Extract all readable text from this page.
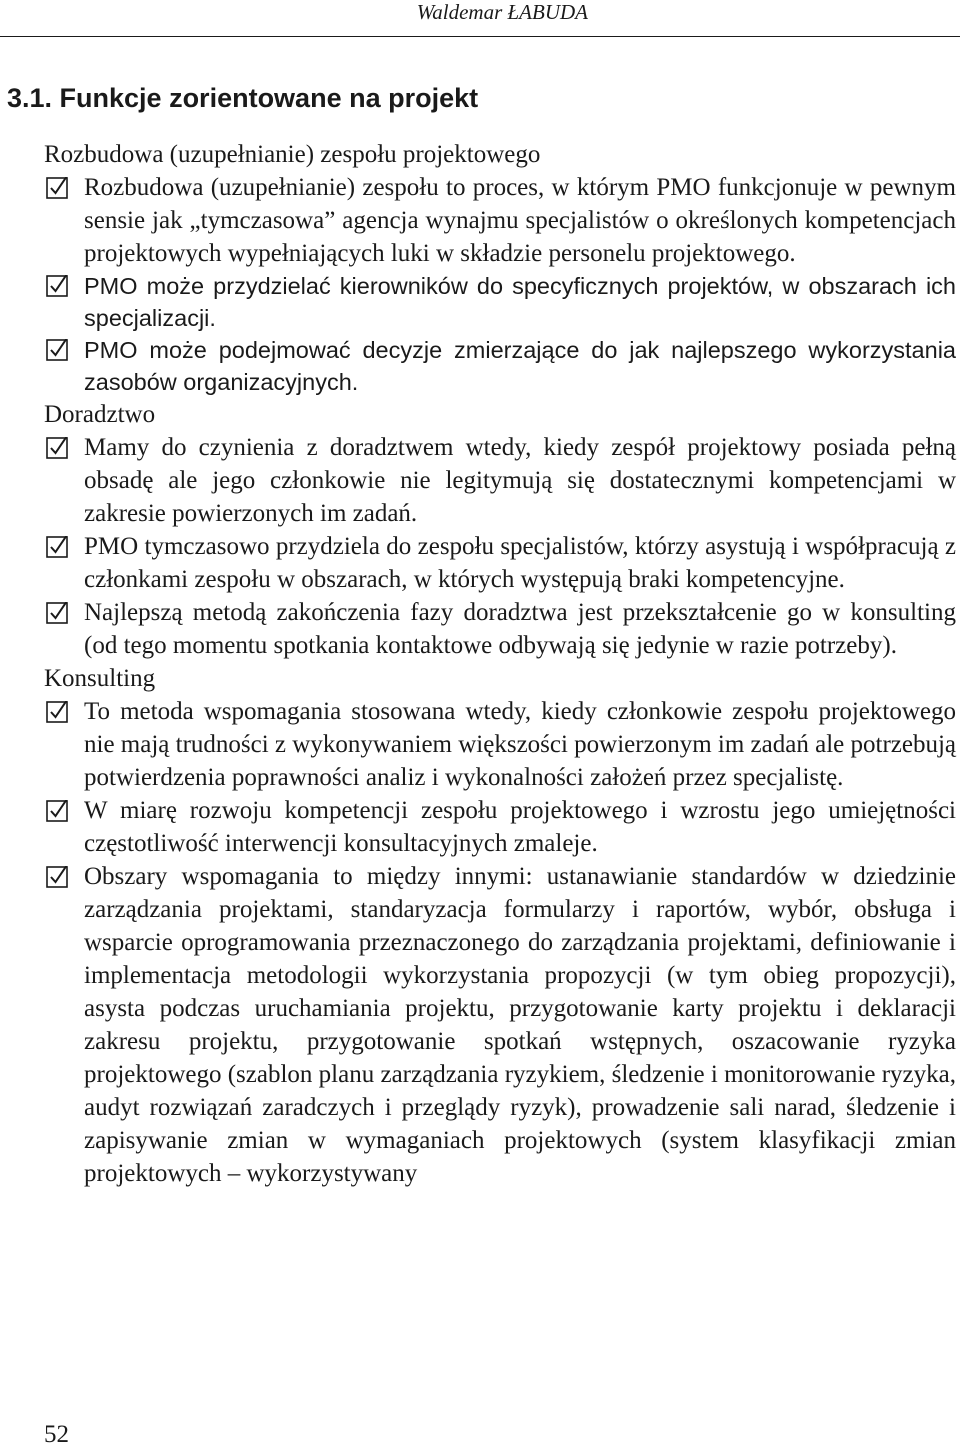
Waldemar ŁABUDA
3.1. Funkcje zorientowane na projekt

Rozbudowa (uzupełnianie) zespołu projektowego

Rozbudowa (uzupełnianie) zespołu to proces, w którym PMO funkcjonuje w pewnym sensie jak „tymczasowa” agencja wynajmu specjalistów o określonych kompetencjach projektowych wypełniających luki w składzie personelu projektowego.

PMO może przydzielać kierowników do specyficznych projektów, w obszarach ich specjalizacji.

PMO może podejmować decyzje zmierzające do jak najlepszego wykorzystania zasobów organizacyjnych.

Doradztwo

Mamy do czynienia z doradztwem wtedy, kiedy zespół projektowy posiada pełną obsadę ale jego członkowie nie legitymują się dostatecznymi kompetencjami w zakresie powierzonych im zadań.

PMO tymczasowo przydziela do zespołu specjalistów, którzy asystują i współpracują z członkami zespołu w obszarach, w których występują braki kompetencyjne.

Najlepszą metodą zakończenia fazy doradztwa jest przekształcenie go w konsulting (od tego momentu spotkania kontaktowe odbywają się jedynie w razie potrzeby).

Konsulting

To metoda wspomagania stosowana wtedy, kiedy członkowie zespołu projektowego nie mają trudności z wykonywaniem większości powierzonym im zadań ale potrzebują potwierdzenia poprawności analiz i wykonalności założeń przez specjalistę.

W miarę rozwoju kompetencji zespołu projektowego i wzrostu jego umiejętności częstotliwość interwencji konsultacyjnych zmaleje.

Obszary wspomagania to między innymi: ustanawianie standardów w dziedzinie zarządzania projektami, standaryzacja formularzy i raportów, wybór, obsługa i wsparcie oprogramowania przeznaczonego do zarządzania projektami, definiowanie i implementacja metodologii wykorzystania propozycji (w tym obieg propozycji), asysta podczas uruchamiania projektu, przygotowanie karty projektu i deklaracji zakresu projektu, przygotowanie spotkań wstępnych, oszacowanie ryzyka projektowego (szablon planu zarządzania ryzykiem, śledzenie i monitorowanie ryzyka, audyt rozwiązań zaradczych i przeglądy ryzyk), prowadzenie sali narad, śledzenie i zapisywanie zmian w wymaganiach projektowych (system klasyfikacji zmian projektowych – wykorzystywany

52
